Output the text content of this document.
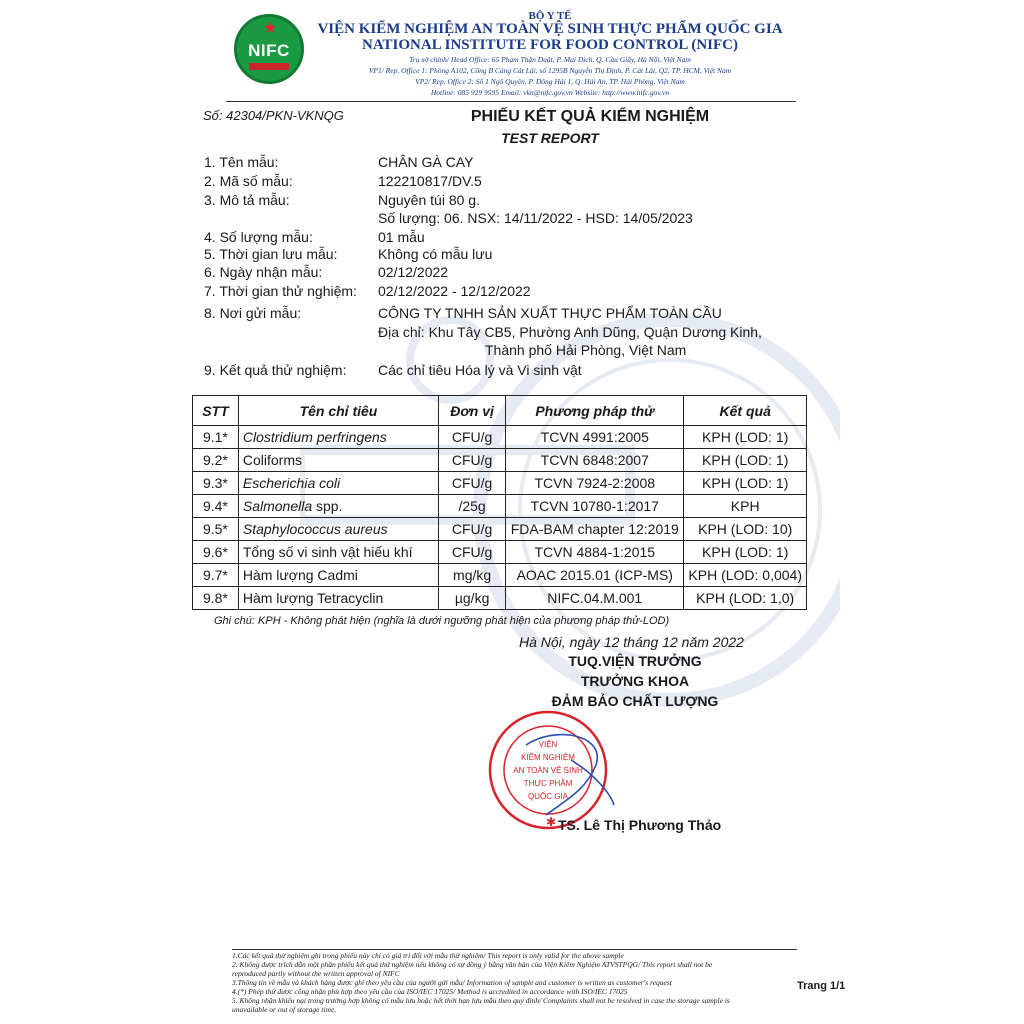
★
NIFC
BỘ Y TẾ
VIỆN KIỂM NGHIỆM AN TOÀN VỆ SINH THỰC PHẨM QUỐC GIA
NATIONAL INSTITUTE FOR FOOD CONTROL (NIFC)
Trụ sở chính/ Head Office: 65 Phạm Thận Duật, P. Mai Dịch, Q. Cầu Giấy, Hà Nội, Việt Nam
VP1/ Rep. Office 1: Phòng A102, Cổng B Cảng Cát Lái, số 1295B Nguyễn Thị Định, P. Cát Lái, Q2, TP. HCM, Việt Nam
VP2/ Rep. Office 2: Số 1 Ngô Quyền, P. Đông Hải 1, Q. Hải An, TP. Hải Phòng, Việt Nam
Hotline: 085 929 9595 Email: vkn@nifc.gov.vn Website: http://www.nifc.gov.vn
Số: 42304/PKN-VKNQG	PHIẾU KẾT QUẢ KIỂM NGHIỆM
TEST REPORT
1. Tên mẫu:	CHÂN GÀ CAY
2. Mã số mẫu:	122210817/DV.5
3. Mô tả mẫu:	Nguyên túi 80 g.
Số lượng: 06. NSX: 14/11/2022 - HSD: 14/05/2023
4. Số lượng mẫu:	01 mẫu
5. Thời gian lưu mẫu:	Không có mẫu lưu
6. Ngày nhận mẫu:	02/12/2022
7. Thời gian thử nghiệm: 02/12/2022 - 12/12/2022
8. Nơi gửi mẫu:	CÔNG TY TNHH SẢN XUẤT THỰC PHẨM TOÀN CẦU
Địa chỉ: Khu Tây CB5, Phường Anh Dũng, Quận Dương Kinh,
Thành phố Hải Phòng, Việt Nam
9. Kết quả thử nghiệm: Các chỉ tiêu Hóa lý và Vi sinh vật
STT	Tên chỉ tiêu	Đơn vị	Phương pháp thử	Kết quả
9.1*	Clostridium perfringens	CFU/g	TCVN 4991:2005	KPH (LOD: 1)
9.2*	Coliforms	CFU/g	TCVN 6848:2007	KPH (LOD: 1)
9.3*	Escherichia coli	CFU/g	TCVN 7924-2:2008	KPH (LOD: 1)
9.4*	Salmonella spp.	/25g	TCVN 10780-1:2017	KPH
9.5*	Staphylococcus aureus	CFU/g	FDA-BAM chapter 12:2019	KPH (LOD: 10)
9.6*	Tổng số vi sinh vật hiếu khí	CFU/g	TCVN 4884-1:2015	KPH (LOD: 1)
9.7*	Hàm lượng Cadmi	mg/kg	AOAC 2015.01 (ICP-MS)	KPH (LOD: 0,004)
9.8*	Hàm lượng Tetracyclin	µg/kg	NIFC.04.M.001	KPH (LOD: 1,0)
Ghi chú: KPH - Không phát hiện (nghĩa là dưới ngưỡng phát hiện của phương pháp thử-LOD)
Hà Nội, ngày 12 tháng 12 năm 2022
TUQ.VIỆN TRƯỞNG
TRƯỞNG KHOA
ĐẢM BẢO CHẤT LƯỢNG
VIỆN
KIỂM NGHIỆM
AN TOÀN VỆ SINH
THỰC PHẨM
QUỐC GIA
✱ TS. Lê Thị Phương Thảo
1.Các kết quả thử nghiệm ghi trong phiếu này chỉ có giá trị đối với mẫu thử nghiệm/ This report is only valid for the above sample
2. Không được trích dẫn một phần phiếu kết quả thử nghiệm nếu không có sự đồng ý bằng văn bản của Viện Kiểm Nghiệm ATVSTPQG/ This report shall not be
reproduced partly without the written approval of NIFC
3.Thông tin về mẫu và khách hàng được ghi theo yêu cầu của người gửi mẫu/ Information of sample and customer is written as customer's request
4.(*) Phép thử được công nhận phù hợp theo yêu cầu của ISO/IEC 17025/ Method is accredited in accordance with ISO/IEC 17025
5. Không nhận khiếu nại trong trường hợp không có mẫu lưu hoặc hết thời hạn lưu mẫu theo quy định/ Complaints shall not be resolved in case the storage sample is
unavailable or out of storage time.
Trang 1/1
